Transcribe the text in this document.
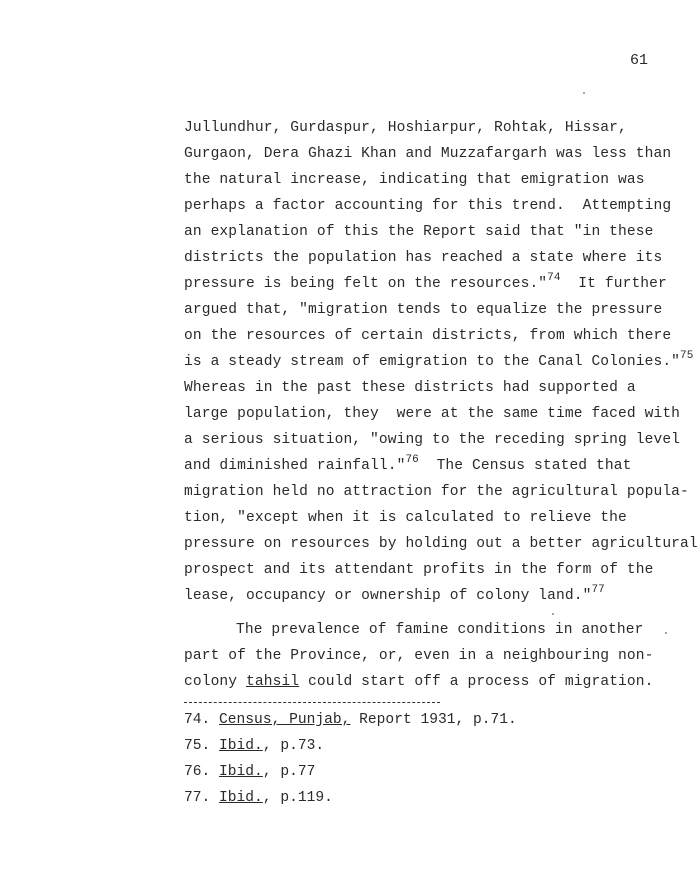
61
Jullundhur, Gurdaspur, Hoshiarpur, Rohtak, Hissar,
Gurgaon, Dera Ghazi Khan and Muzzafargarh was less than
the natural increase, indicating that emigration was
perhaps a factor accounting for this trend.  Attempting
an explanation of this the Report said that "in these
districts the population has reached a state where its
pressure is being felt on the resources."$^{74}$  It further
argued that, "migration tends to equalize the pressure
on the resources of certain districts, from which there
is a steady stream of emigration to the Canal Colonies."$^{75}$
Whereas in the past these districts had supported a
large population, they  were at the same time faced with
a serious situation, "owing to the receding spring level
and diminished rainfall."$^{76}$  The Census stated that
migration held no attraction for the agricultural popula-
tion, "except when it is calculated to relieve the
pressure on resources by holding out a better agricultural
prospect and its attendant profits in the form of the
lease, occupancy or ownership of colony land."$^{77}$
The prevalence of famine conditions in another
part of the Province, or, even in a neighbouring non-
colony tahsil could start off a process of migration.
74. Census, Punjab, Report 1931, p.71.
75. Ibid., p.73.
76. Ibid., p.77
77. Ibid., p.119.
